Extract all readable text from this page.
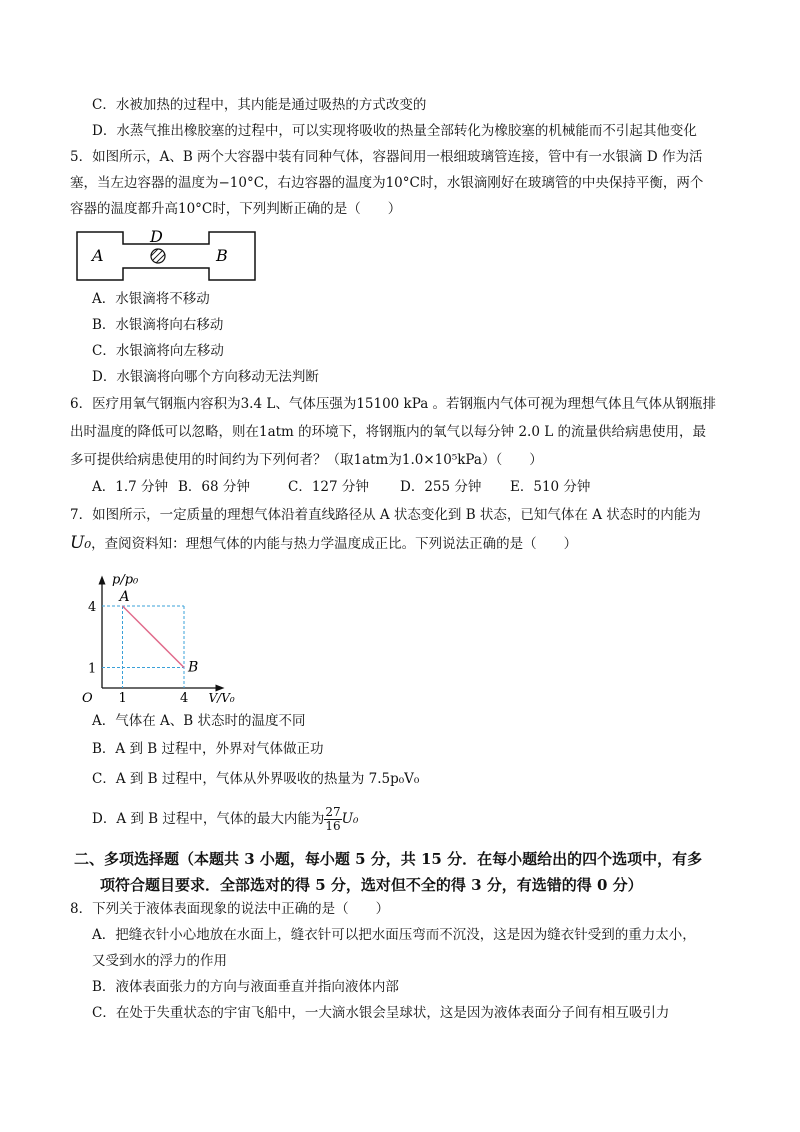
C．水被加热的过程中，其内能是通过吸热的方式改变的
D．水蒸气推出橡胶塞的过程中，可以实现将吸收的热量全部转化为橡胶塞的机械能而不引起其他变化
5．如图所示，A、B 两个大容器中装有同种气体，容器间用一根细玻璃管连接，管中有一水银滴 D 作为活
塞，当左边容器的温度为−10°C，右边容器的温度为10°C时，水银滴刚好在玻璃管的中央保持平衡，两个
容器的温度都升高10°C时，下列判断正确的是（　　）
A	B
D
A．水银滴将不移动
B．水银滴将向右移动
C．水银滴将向左移动
D．水银滴将向哪个方向移动无法判断
6．医疗用氧气钢瓶内容积为3.4 L、气体压强为15100 kPa 。若钢瓶内气体可视为理想气体且气体从钢瓶排
出时温度的降低可以忽略，则在1atm 的环境下，将钢瓶内的氧气以每分钟 2.0 L 的流量供给病患使用，最
多可提供给病患使用的时间约为下列何者？（取1atm为1.0×10⁵kPa）（　　）
A．1.7 分钟 B．68 分钟	C．127 分钟 D．255 分钟 E．510 分钟
7．如图所示，一定质量的理想气体沿着直线路径从 A 状态变化到 B 状态，已知气体在 A 状态时的内能为
U₀，查阅资料知：理想气体的内能与热力学温度成正比。下列说法正确的是（　　）
p/p₀
V/V₀
O
A
B
1
4
1	4
A．气体在 A、B 状态时的温度不同
B．A 到 B 过程中，外界对气体做正功
C．A 到 B 过程中，气体从外界吸收的热量为 7.5p₀V₀
D．A 到 B 过程中，气体的最大内能为 $\frac{27}{16} U_0$
二、多项选择题（本题共 3 小题，每小题 5 分，共 15 分．在每小题给出的四个选项中，有多
项符合题目要求．全部选对的得 5 分，选对但不全的得 3 分，有选错的得 0 分）
8．下列关于液体表面现象的说法中正确的是（　　）
A．把缝衣针小心地放在水面上，缝衣针可以把水面压弯而不沉没，这是因为缝衣针受到的重力太小，
又受到水的浮力的作用
B．液体表面张力的方向与液面垂直并指向液体内部
C．在处于失重状态的宇宙飞船中，一大滴水银会呈球状，这是因为液体表面分子间有相互吸引力
